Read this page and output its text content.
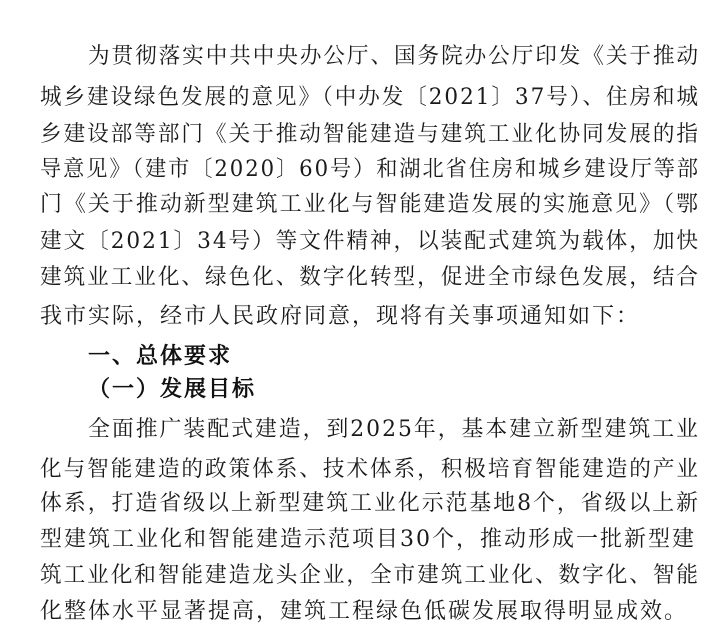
为贯彻落实中共中央办公厅、国务院办公厅印发《关于推动
城乡建设绿色发展的意见》（中办发〔2021〕37号）、住房和城
乡建设部等部门《关于推动智能建造与建筑工业化协同发展的指
导意见》（建市〔2020〕60号）和湖北省住房和城乡建设厅等部
门《关于推动新型建筑工业化与智能建造发展的实施意见》（鄂
建文〔2021〕34号）等文件精神，以装配式建筑为载体，加快
建筑业工业化、绿色化、数字化转型，促进全市绿色发展，结合
我市实际，经市人民政府同意，现将有关事项通知如下：
一、总体要求
（一）发展目标
全面推广装配式建造，到2025年，基本建立新型建筑工业
化与智能建造的政策体系、技术体系，积极培育智能建造的产业
体系，打造省级以上新型建筑工业化示范基地8个，省级以上新
型建筑工业化和智能建造示范项目30个，推动形成一批新型建
筑工业化和智能建造龙头企业，全市建筑工业化、数字化、智能
化整体水平显著提高，建筑工程绿色低碳发展取得明显成效。
